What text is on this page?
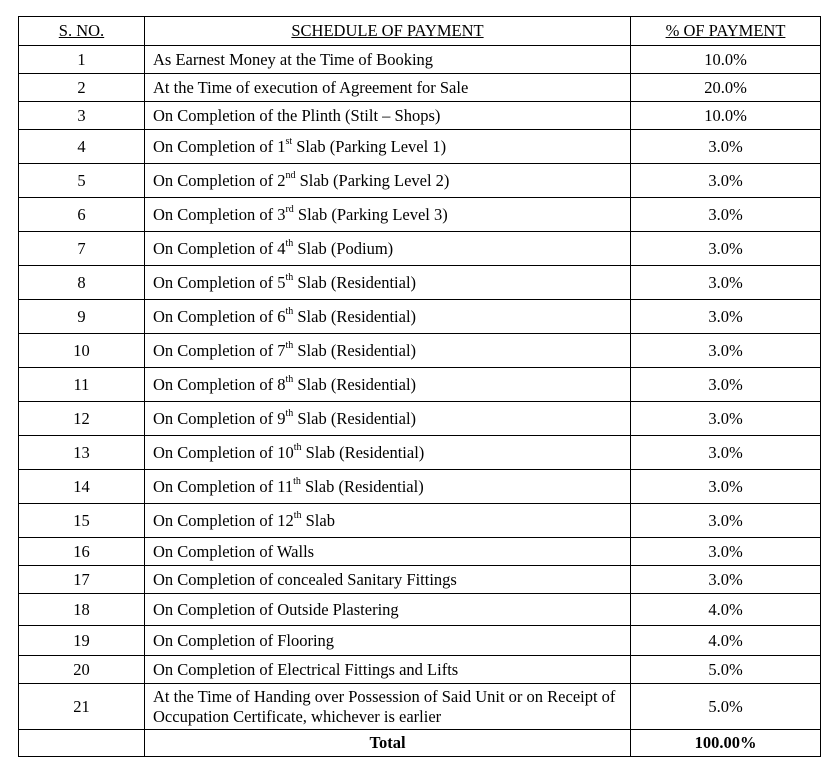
S. NO.	SCHEDULE OF PAYMENT	% OF PAYMENT
1	As Earnest Money at the Time of Booking	10.0%
2	At the Time of execution of Agreement for Sale	20.0%
3	On Completion of the Plinth (Stilt – Shops)	10.0%
4	On Completion of 1st Slab (Parking Level 1)	3.0%
5	On Completion of 2nd Slab (Parking Level 2)	3.0%
6	On Completion of 3rd Slab (Parking Level 3)	3.0%
7	On Completion of 4th Slab (Podium)	3.0%
8	On Completion of 5th Slab (Residential)	3.0%
9	On Completion of 6th Slab (Residential)	3.0%
10	On Completion of 7th Slab (Residential)	3.0%
11	On Completion of 8th Slab (Residential)	3.0%
12	On Completion of 9th Slab (Residential)	3.0%
13	On Completion of 10th Slab (Residential)	3.0%
14	On Completion of 11th Slab (Residential)	3.0%
15	On Completion of 12th Slab	3.0%
16	On Completion of Walls	3.0%
17	On Completion of concealed Sanitary Fittings	3.0%
18	On Completion of Outside Plastering	4.0%
19	On Completion of Flooring	4.0%
20	On Completion of Electrical Fittings and Lifts	5.0%
21	At the Time of Handing over Possession of Said Unit or on Receipt of Occupation Certificate, whichever is earlier	5.0%
	Total	100.00%
